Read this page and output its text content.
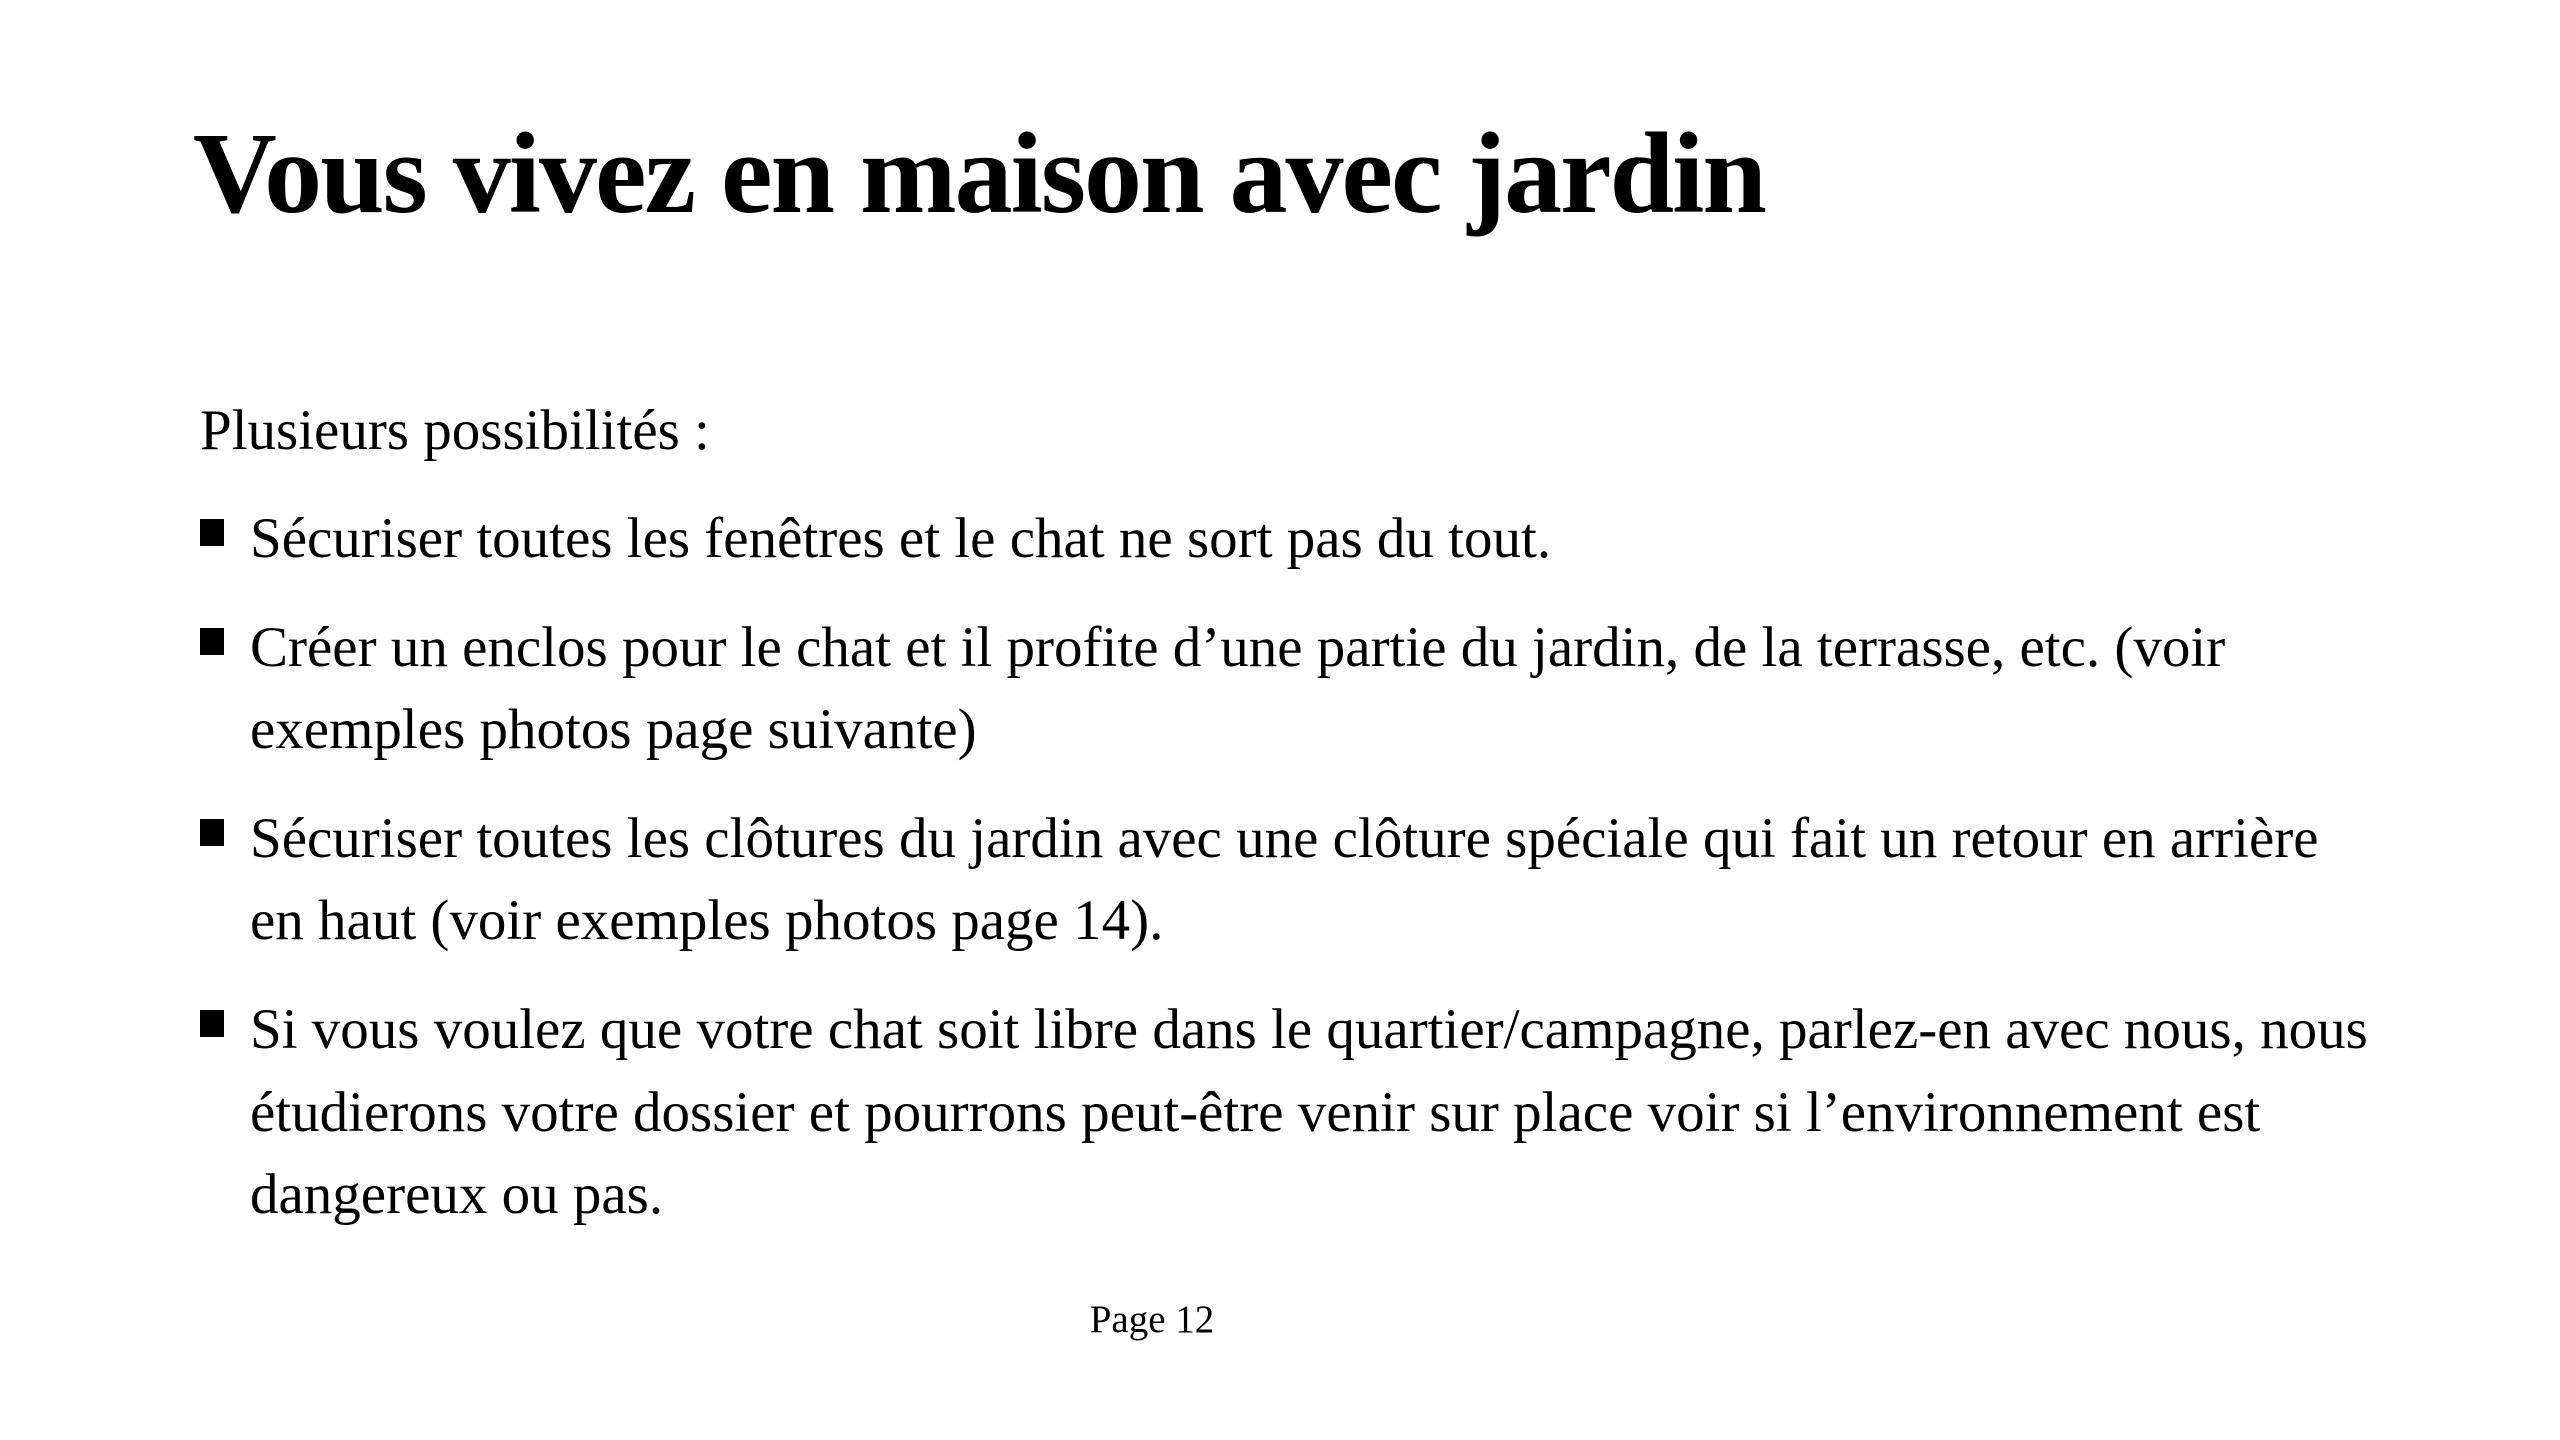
Vous vivez en maison avec jardin

Plusieurs possibilités :

Sécuriser toutes les fenêtres et le chat ne sort pas du tout.
Créer un enclos pour le chat et il profite d’une partie du jardin, de la terrasse, etc. (voir exemples photos page suivante)
Sécuriser toutes les clôtures du jardin avec une clôture spéciale qui fait un retour en arrière en haut (voir exemples photos page 14).
Si vous voulez que votre chat soit libre dans le quartier/campagne, parlez-en avec nous, nous étudierons votre dossier et pourrons peut-être venir sur place voir si l’environnement est dangereux ou pas.
Page 12
